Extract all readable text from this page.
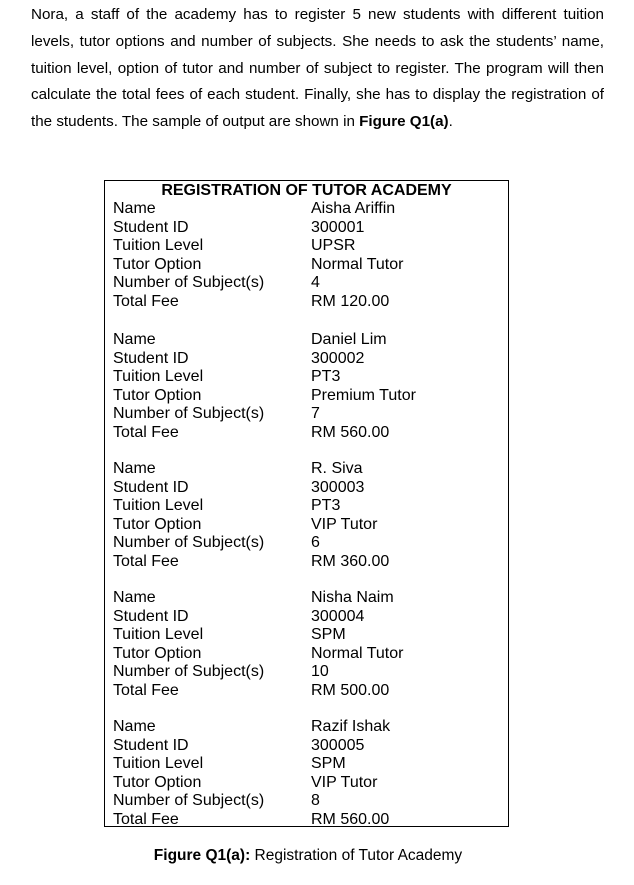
Nora, a staff of the academy has to register 5 new students with different tuition levels, tutor options and number of subjects. She needs to ask the students’ name, tuition level, option of tutor and number of subject to register. The program will then calculate the total fees of each student. Finally, she has to display the registration of the students. The sample of output are shown in Figure Q1(a).

REGISTRATION OF TUTOR ACADEMY

Name	Aisha Ariffin
Student ID	300001
Tuition Level	UPSR
Tutor Option	Normal Tutor
Number of Subject(s)	4
Total Fee	RM 120.00
Name	Daniel Lim
Student ID	300002
Tuition Level	PT3
Tutor Option	Premium Tutor
Number of Subject(s)	7
Total Fee	RM 560.00
Name	R. Siva
Student ID	300003
Tuition Level	PT3
Tutor Option	VIP Tutor
Number of Subject(s)	6
Total Fee	RM 360.00
Name	Nisha Naim
Student ID	300004
Tuition Level	SPM
Tutor Option	Normal Tutor
Number of Subject(s)	10
Total Fee	RM 500.00
Name	Razif Ishak
Student ID	300005
Tuition Level	SPM
Tutor Option	VIP Tutor
Number of Subject(s)	8
Total Fee	RM 560.00

Figure Q1(a): Registration of Tutor Academy
